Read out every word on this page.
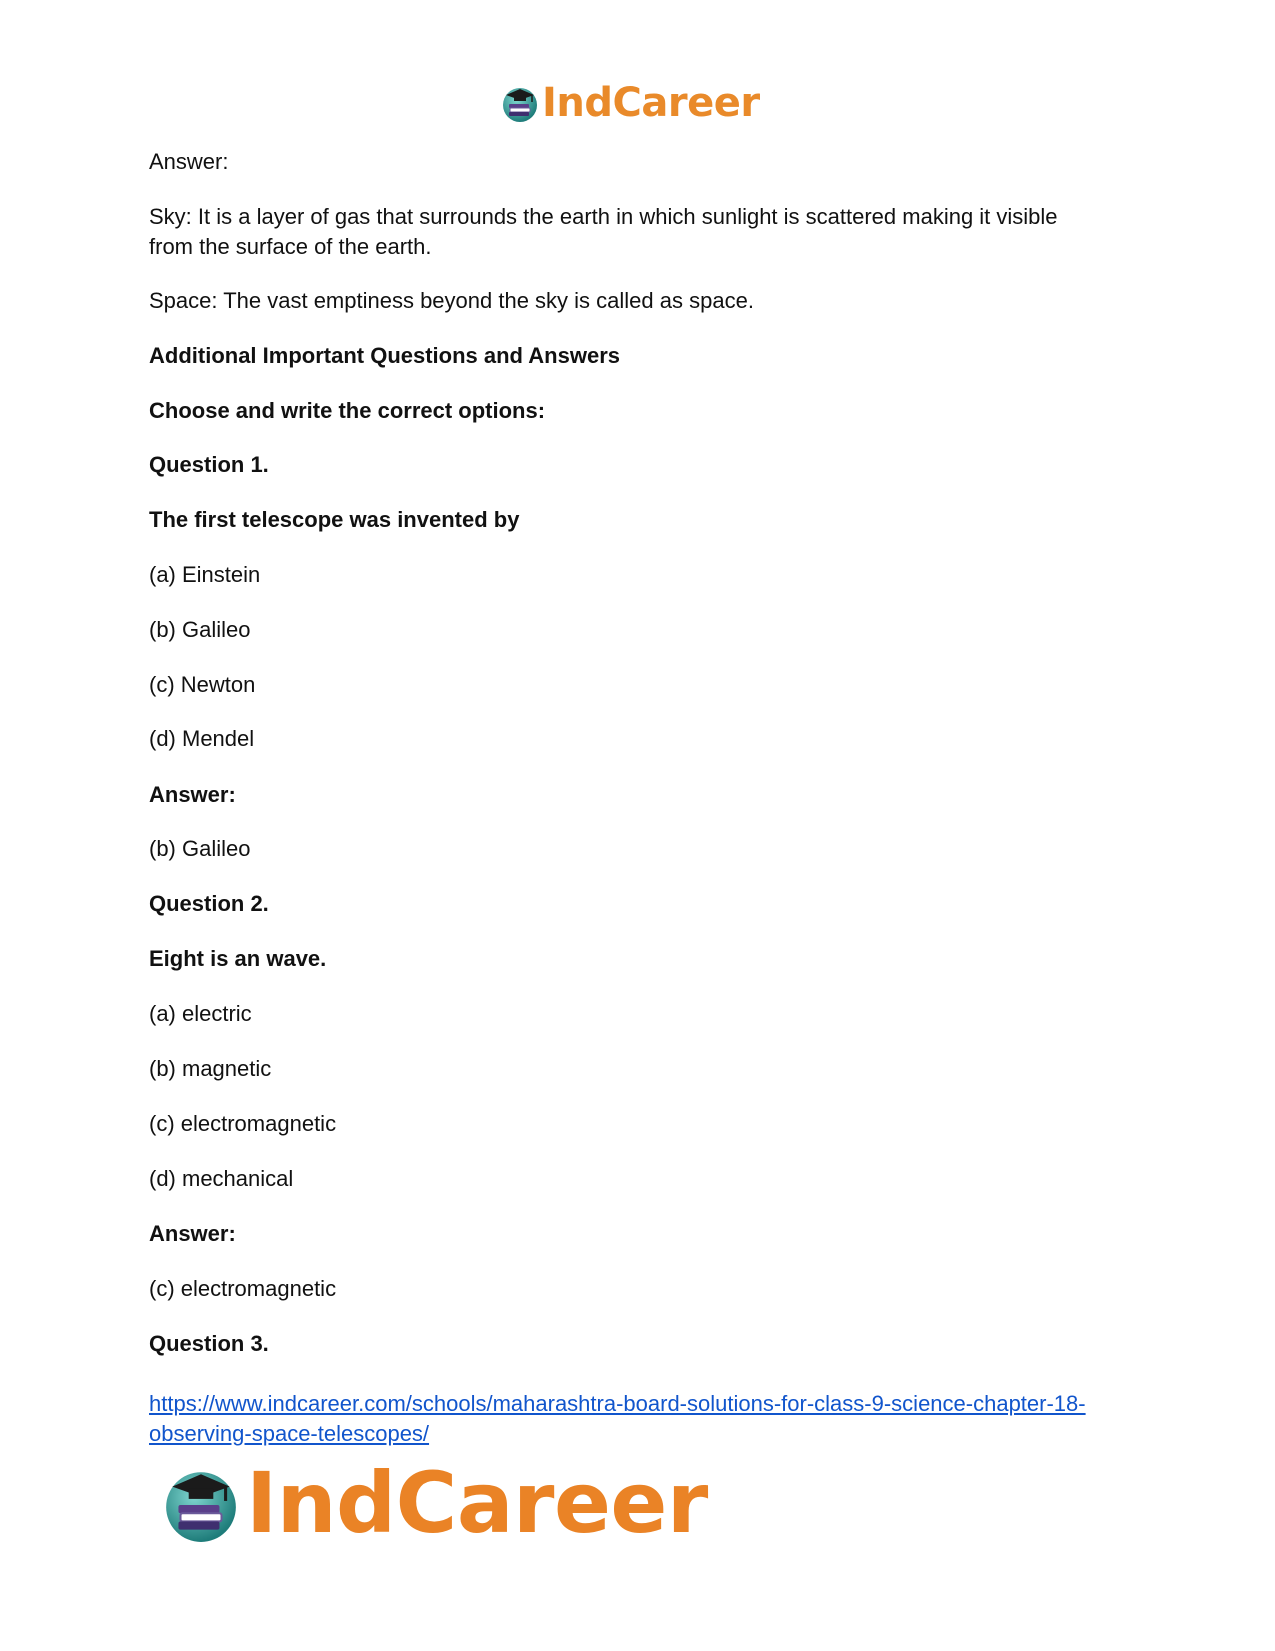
IndCareer
Answer:
Sky: It is a layer of gas that surrounds the earth in which sunlight is scattered making it visible
from the surface of the earth.
Space: The vast emptiness beyond the sky is called as space.
Additional Important Questions and Answers
Choose and write the correct options:
Question 1.
The first telescope was invented by
(a) Einstein
(b) Galileo
(c) Newton
(d) Mendel
Answer:
(b) Galileo
Question 2.
Eight is an wave.
(a) electric
(b) magnetic
(c) electromagnetic
(d) mechanical
Answer:
(c) electromagnetic
Question 3.
https://www.indcareer.com/schools/maharashtra-board-solutions-for-class-9-science-chapter-18-
observing-space-telescopes/
IndCareer
